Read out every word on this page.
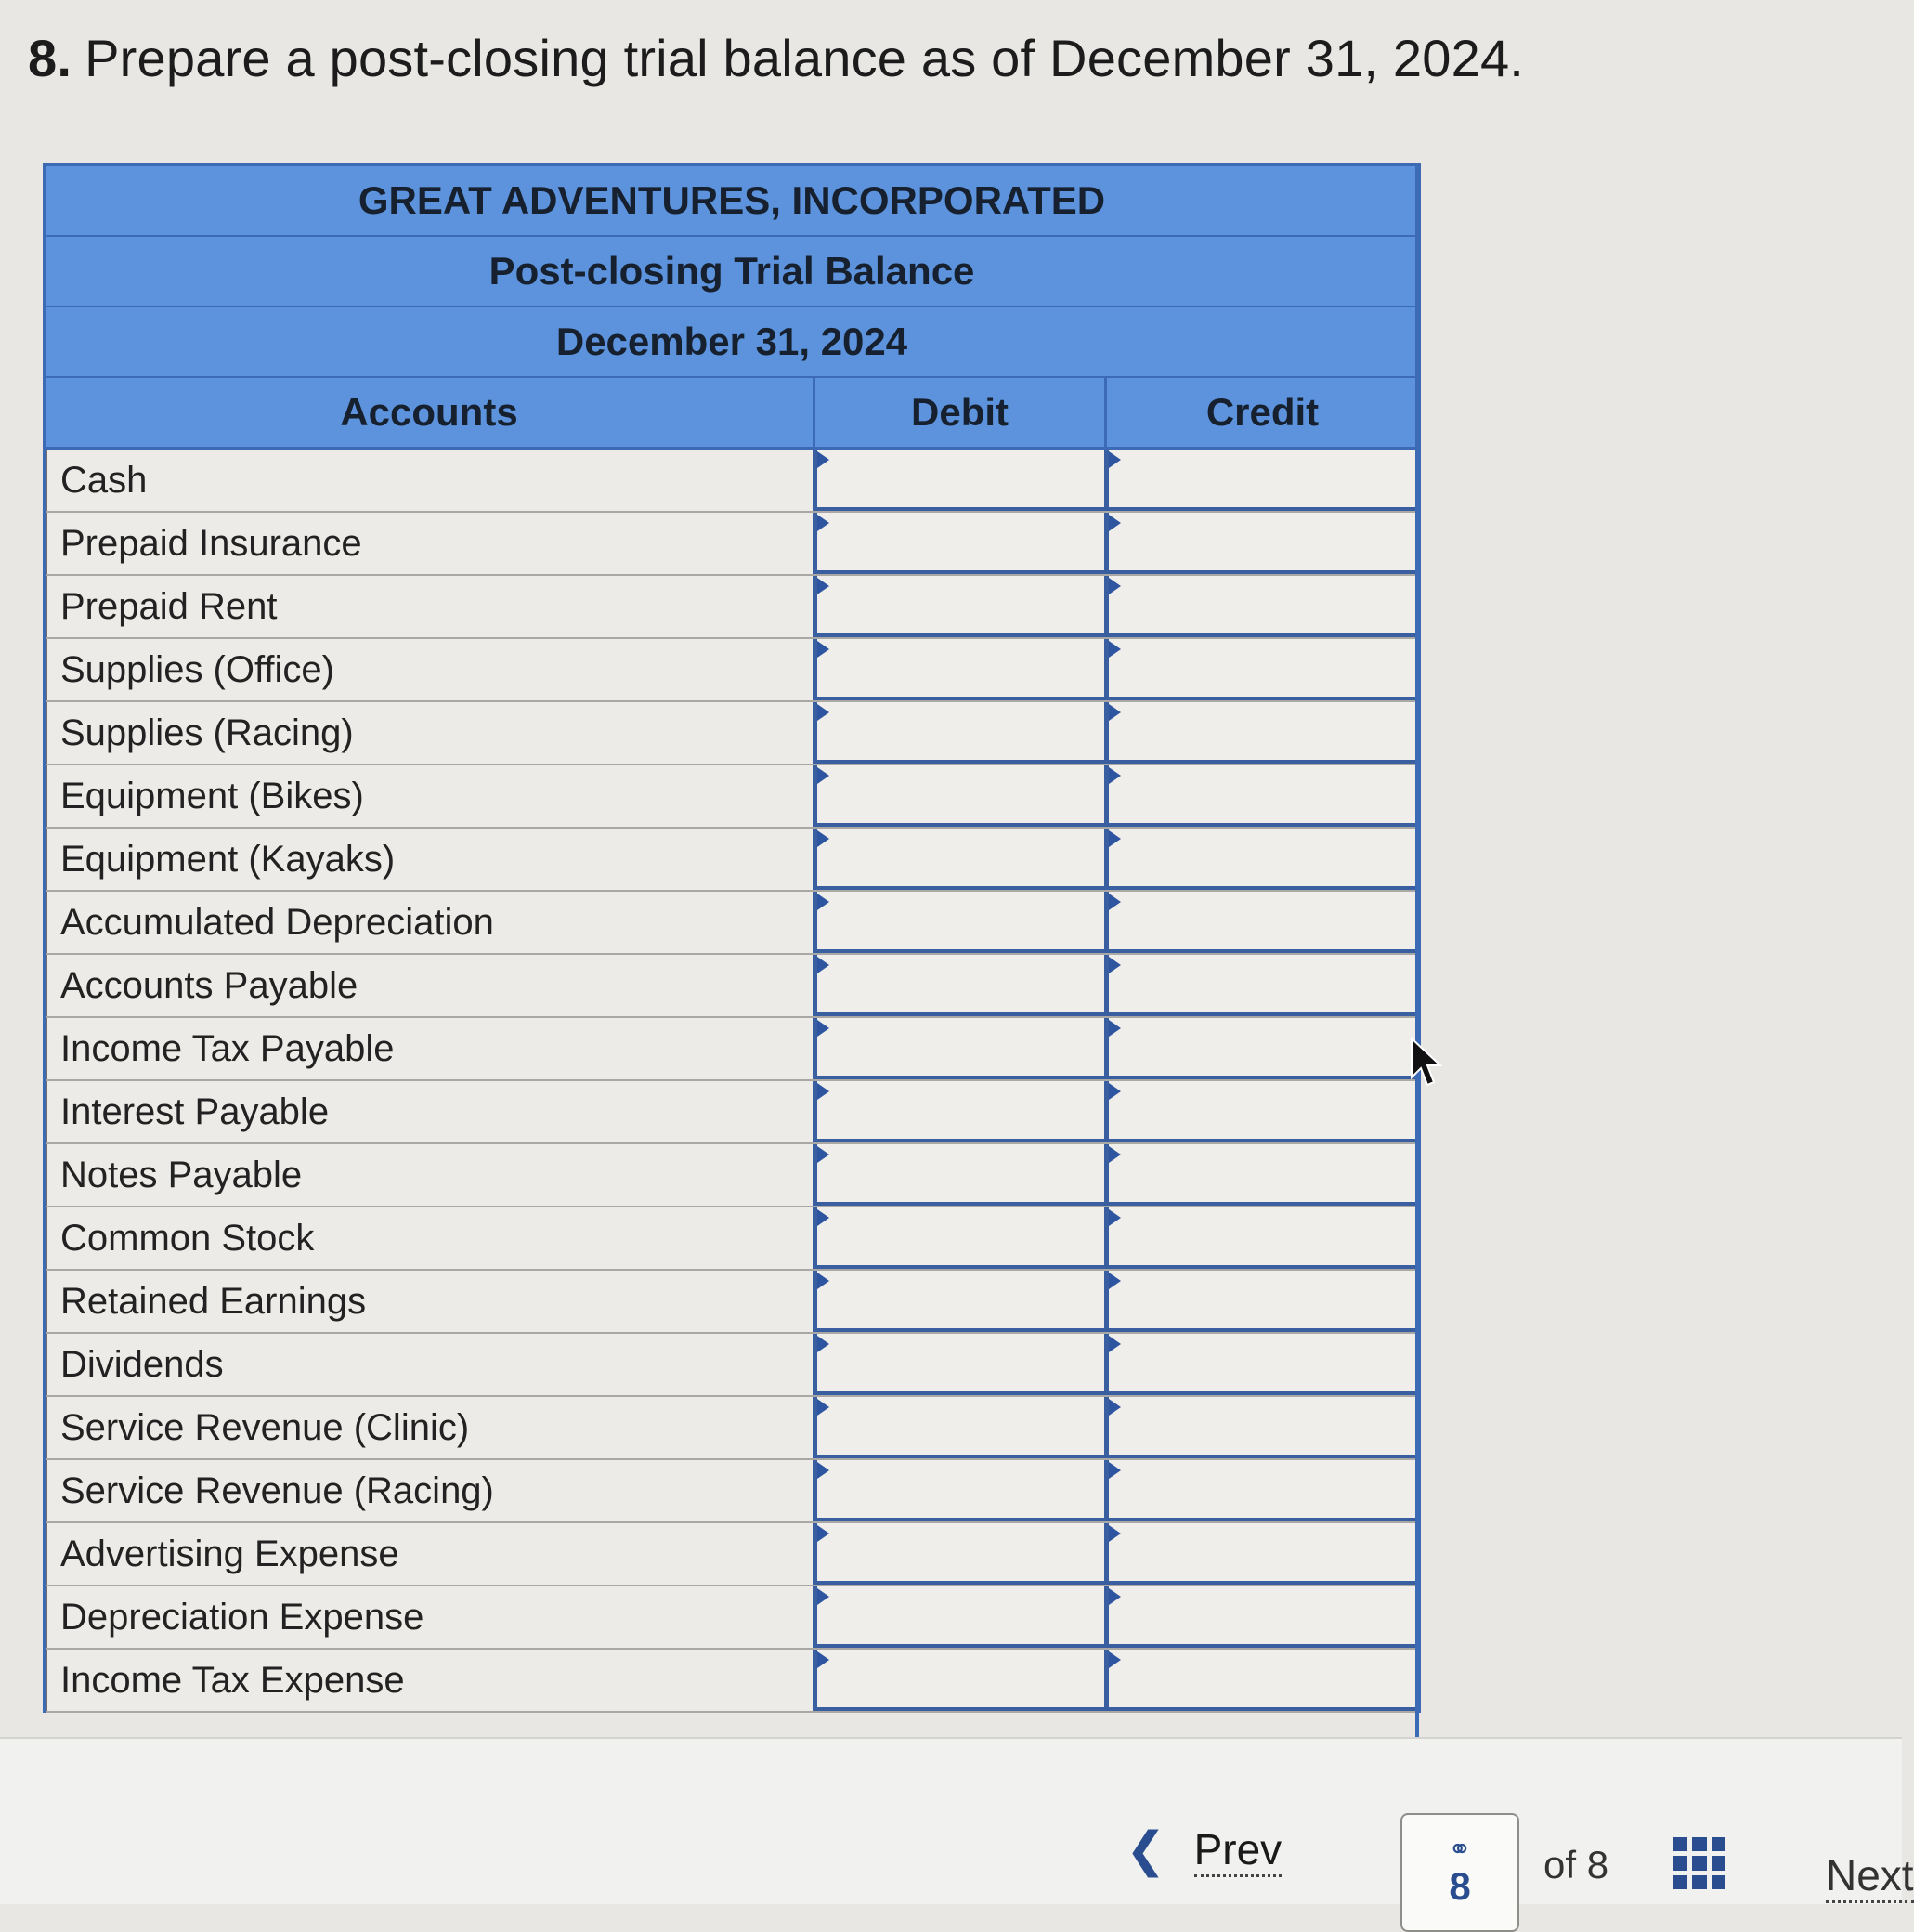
8. Prepare a post-closing trial balance as of December 31, 2024.
GREAT ADVENTURES, INCORPORATED
Post-closing Trial Balance
December 31, 2024
Accounts	Debit	Credit
Cash
Prepaid Insurance
Prepaid Rent
Supplies (Office)
Supplies (Racing)
Equipment (Bikes)
Equipment (Kayaks)
Accumulated Depreciation
Accounts Payable
Income Tax Payable
Interest Payable
Notes Payable
Common Stock
Retained Earnings
Dividends
Service Revenue (Clinic)
Service Revenue (Racing)
Advertising Expense
Depreciation Expense
Income Tax Expense
❮ Prev	⚭
8 of 8	Next
